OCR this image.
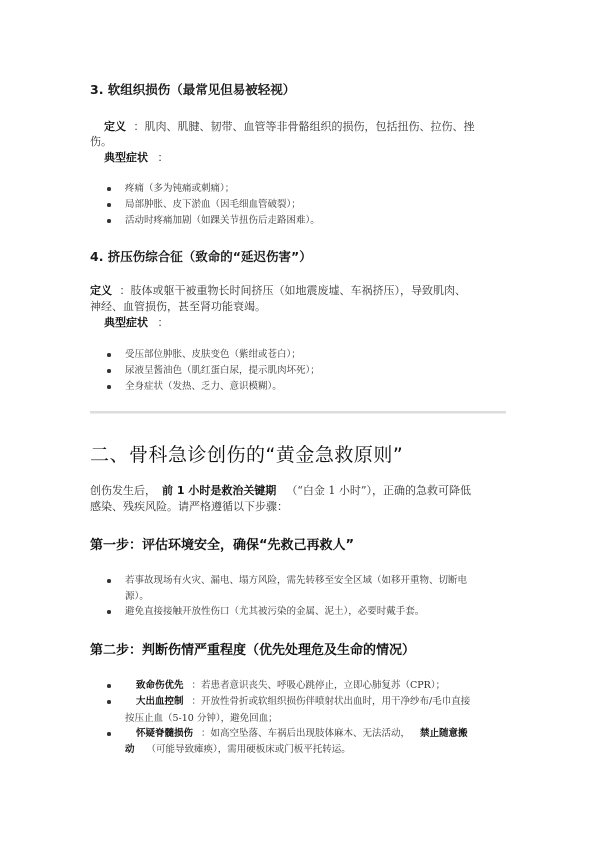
3. 软组织损伤（最常见但易被轻视）
定义 ：肌肉、肌腱、韧带、血管等非骨骼组织的损伤，包括扭伤、拉伤、挫
伤。
典型症状 ：
疼痛（多为钝痛或刺痛）；
局部肿胀、皮下淤血（因毛细血管破裂）；
活动时疼痛加剧（如踝关节扭伤后走路困难）。
4. 挤压伤综合征（致命的“延迟伤害”）
定义 ：肢体或躯干被重物长时间挤压（如地震废墟、车祸挤压），导致肌肉、
神经、血管损伤，甚至肾功能衰竭。
典型症状 ：
受压部位肿胀、皮肤变色（紫绀或苍白）；
尿液呈酱油色（肌红蛋白尿，提示肌肉坏死）；
全身症状（发热、乏力、意识模糊）。
二、骨科急诊创伤的“黄金急救原则”
创伤发生后， 前 1 小时是救治关键期 （“白金 1 小时”），正确的急救可降低
感染、残疾风险。请严格遵循以下步骤：
第一步：评估环境安全，确保“先救己再救人”
若事故现场有火灾、漏电、塌方风险，需先转移至安全区域（如移开重物、切断电
源）。
避免直接接触开放性伤口（尤其被污染的金属、泥土），必要时戴手套。
第二步：判断伤情严重程度（优先处理危及生命的情况）
致命伤优先 ：若患者意识丧失、呼吸心跳停止，立即心肺复苏（CPR）；
大出血控制 ：开放性骨折或软组织损伤伴喷射状出血时，用干净纱布/毛巾直接
按压止血（5-10 分钟），避免回血；
怀疑脊髓损伤 ：如高空坠落、车祸后出现肢体麻木、无法活动， 禁止随意搬
动 （可能导致瘫痪），需用硬板床或门板平托转运。
